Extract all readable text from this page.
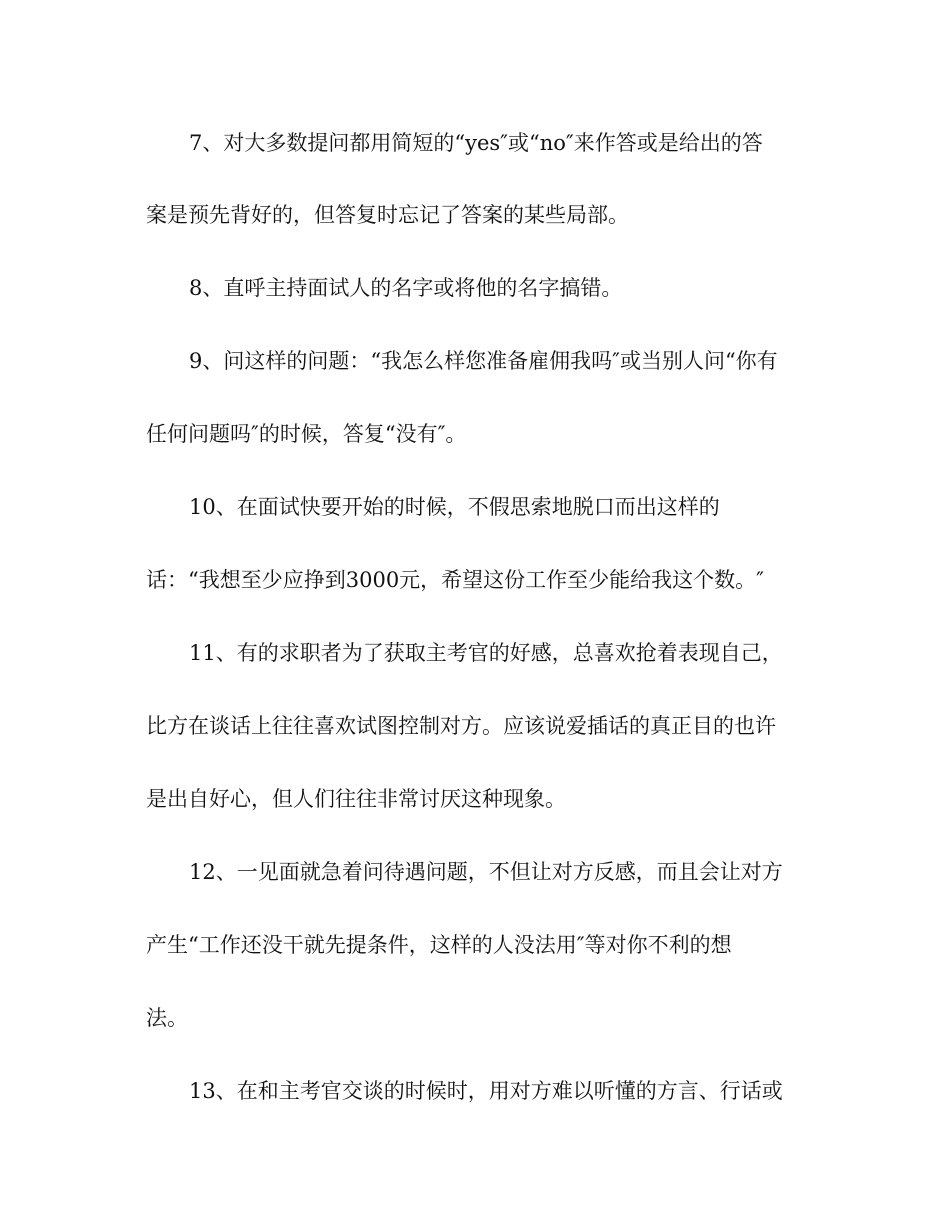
7、对大多数提问都用简短的“yes″或“no″来作答或是给出的答
案是预先背好的，但答复时忘记了答案的某些局部。
8、直呼主持面试人的名字或将他的名字搞错。
9、问这样的问题：“我怎么样您准备雇佣我吗″或当别人问“你有
任何问题吗″的时候，答复“没有″。
10、在面试快要开始的时候，不假思索地脱口而出这样的
话：“我想至少应挣到3000元，希望这份工作至少能给我这个数。″
11、有的求职者为了获取主考官的好感，总喜欢抢着表现自己，
比方在谈话上往往喜欢试图控制对方。应该说爱插话的真正目的也许
是出自好心，但人们往往非常讨厌这种现象。
12、一见面就急着问待遇问题，不但让对方反感，而且会让对方
产生“工作还没干就先提条件，这样的人没法用″等对你不利的想
法。
13、在和主考官交谈的时候时，用对方难以听懂的方言、行话或
